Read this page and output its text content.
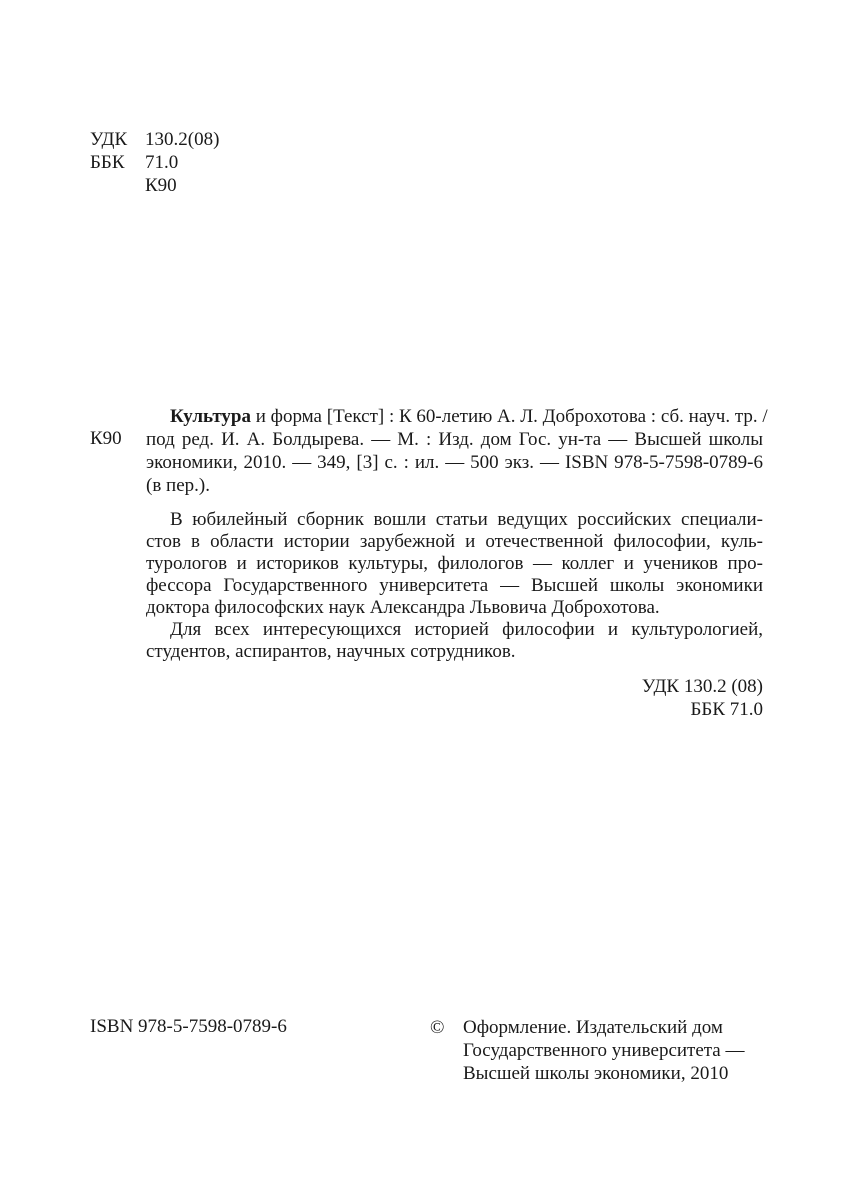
УДК 130.2(08)
ББК	71.0
К90
К90
Культура и форма [Текст] : К 60-летию А. Л. Доброхотова : сб. науч. тр. /
под ред. И. А. Болдырева. — М. : Изд. дом Гос. ун-та — Высшей школы
экономики, 2010. — 349, [3] с. : ил. — 500 экз. — ISBN 978-5-7598-0789-6
(в пер.).
В юбилейный сборник вошли статьи ведущих российских специали-
стов в области истории зарубежной и отечественной философии, куль-
турологов и историков культуры, филологов — коллег и учеников про-
фессора Государственного университета — Высшей школы экономики
доктора философских наук Александра Львовича Доброхотова.
Для всех интересующихся историей философии и культурологией,
студентов, аспирантов, научных сотрудников.
УДК 130.2 (08)
ББК 71.0
ISBN 978-5-7598-0789-6	© Оформление. Издательский дом
Государственного университета —
Высшей школы экономики, 2010
